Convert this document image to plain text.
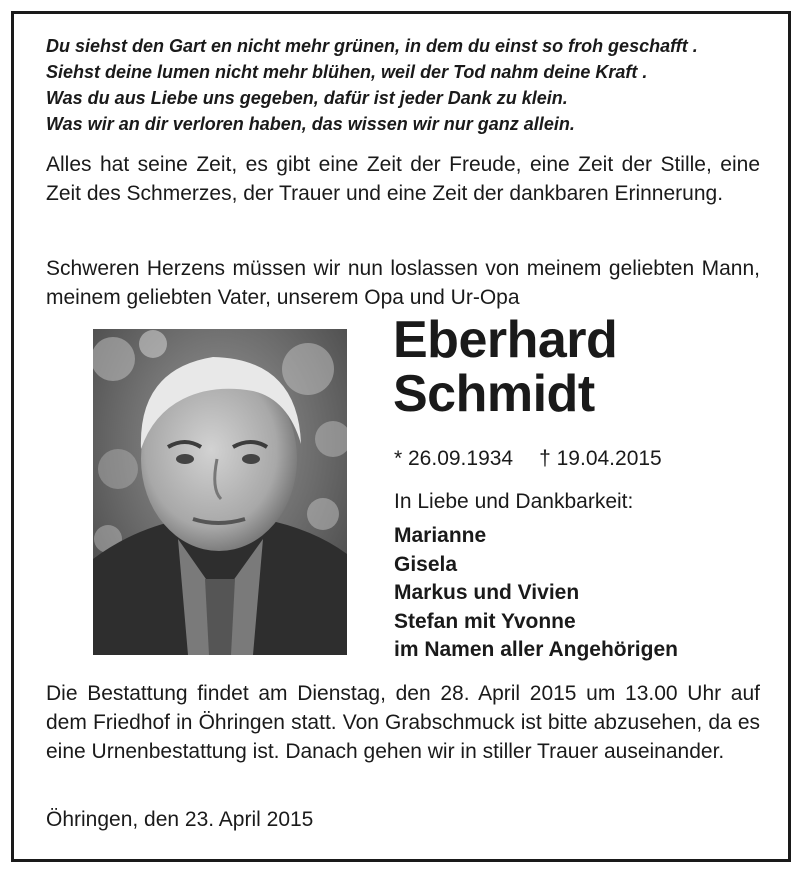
Du siehst den Gart en nicht mehr grünen, in dem du einst so froh geschafft .
Siehst deine lumen nicht mehr blühen, weil der Tod nahm deine Kraft .
Was du aus Liebe uns gegeben, dafür ist jeder Dank zu klein.
Was wir an dir verloren haben, das wissen wir nur ganz allein.
Alles hat seine Zeit, es gibt eine Zeit der Freude, eine Zeit der Stille, eine Zeit des Schmerzes, der Trauer und eine Zeit der dankbaren Erinnerung.
Schweren Herzens müssen wir nun loslassen von meinem geliebten Mann, meinem geliebten Vater, unserem Opa und Ur-Opa
Eberhard
Schmidt
* 26.09.1934 † 19.04.2015
In Liebe und Dankbarkeit:
Marianne
Gisela
Markus und Vivien
Stefan mit Yvonne
im Namen aller Angehörigen
Die Bestattung findet am Dienstag, den 28. April 2015 um 13.00 Uhr auf dem Friedhof in Öhringen statt. Von Grabschmuck ist bitte abzusehen, da es eine Urnenbestattung ist. Danach gehen wir in stiller Trauer auseinander.
Öhringen, den 23. April 2015
